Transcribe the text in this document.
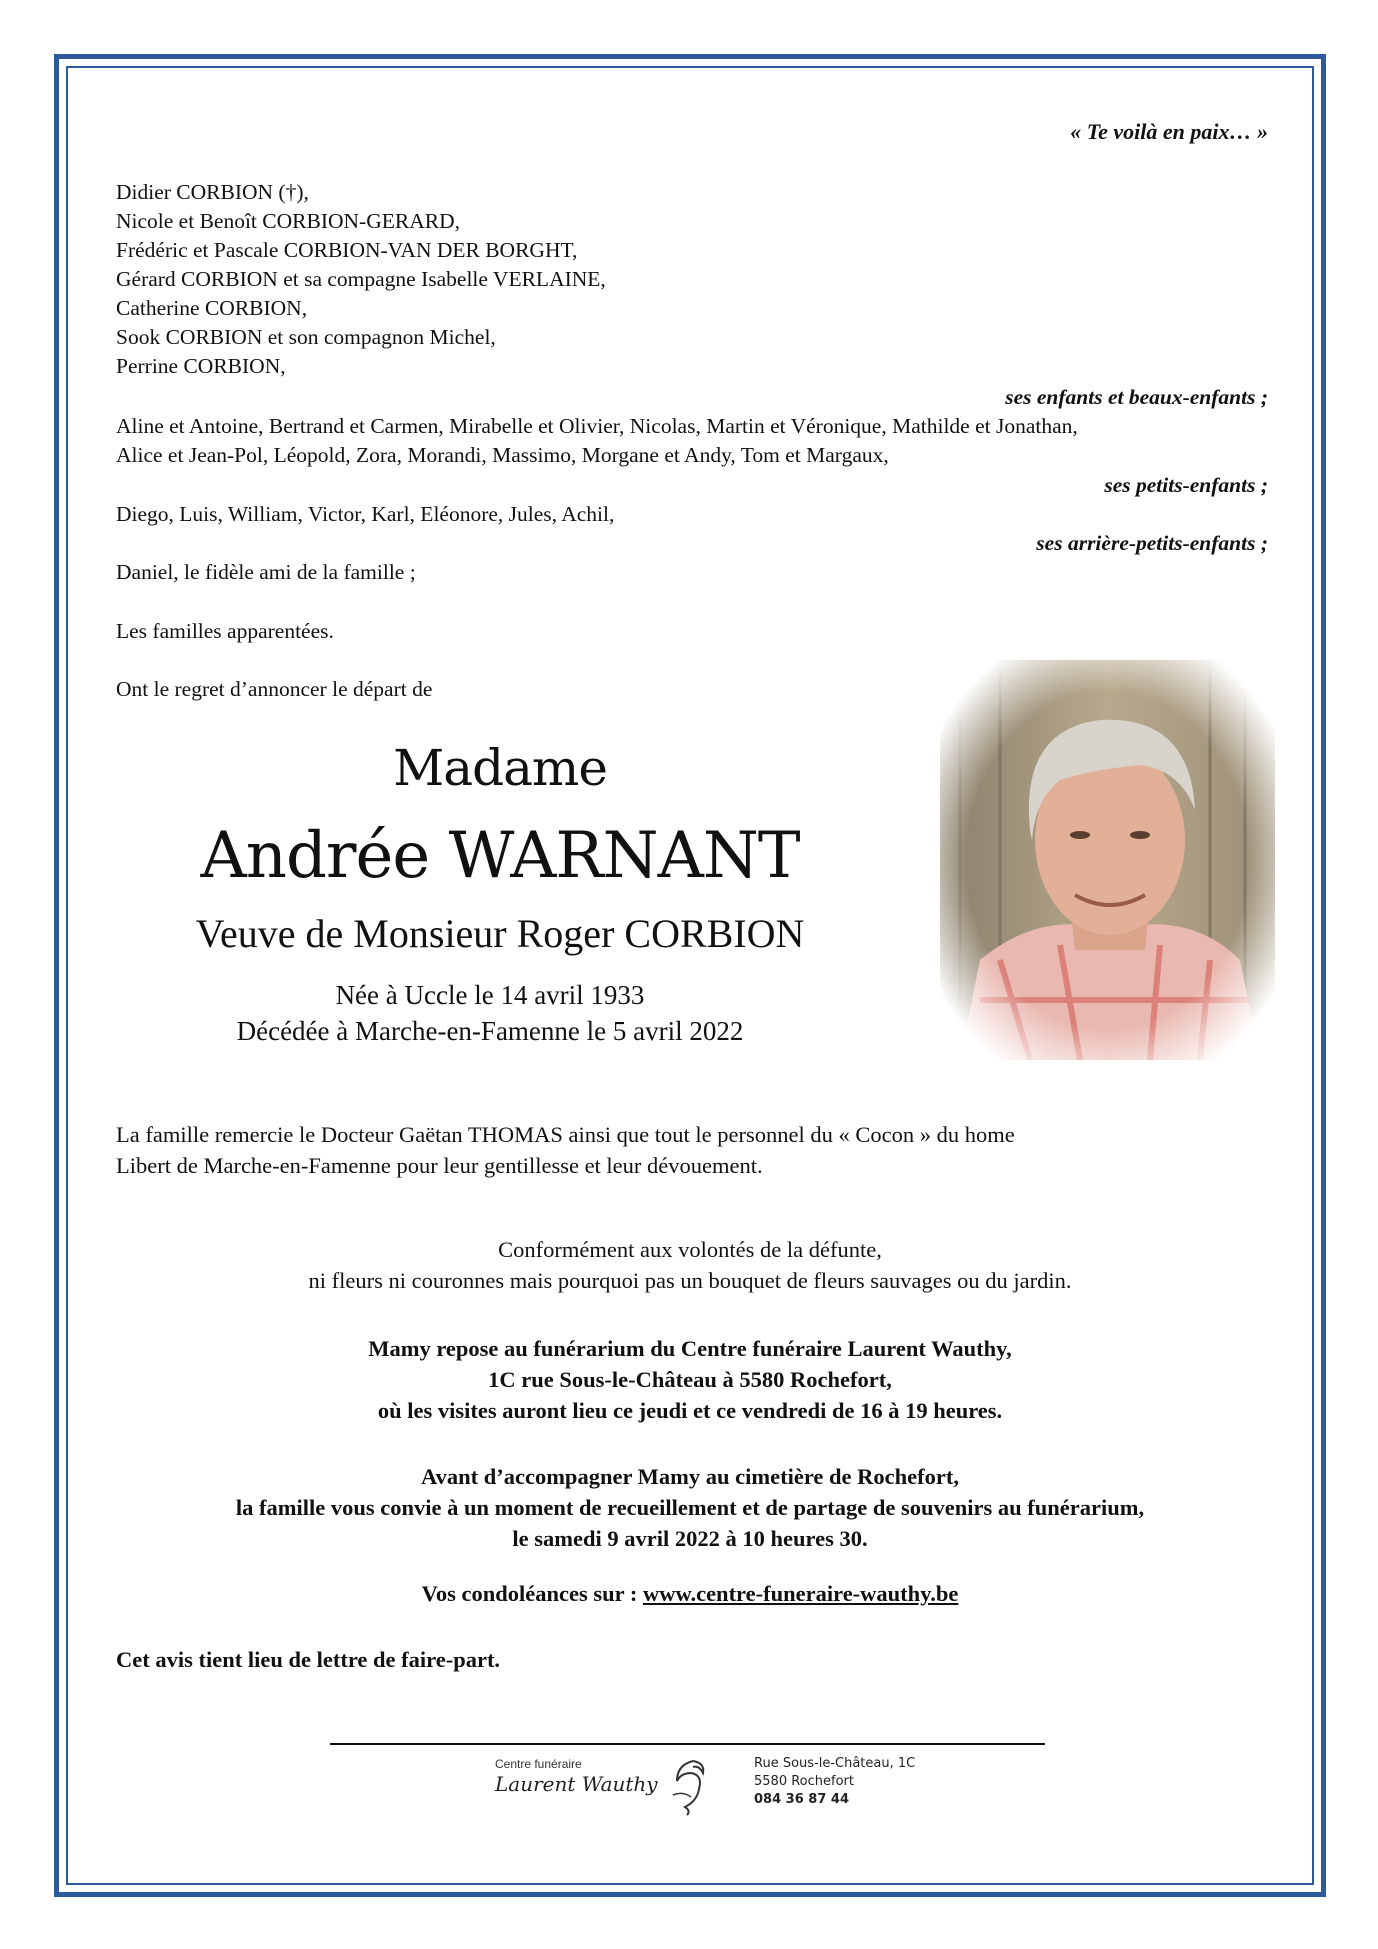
« Te voilà en paix… »
Didier CORBION (†),
Nicole et Benoît CORBION-GERARD,
Frédéric et Pascale CORBION-VAN DER BORGHT,
Gérard CORBION et sa compagne Isabelle VERLAINE,
Catherine CORBION,
Sook CORBION et son compagnon Michel,
Perrine CORBION,
ses enfants et beaux-enfants ;
Aline et Antoine, Bertrand et Carmen, Mirabelle et Olivier, Nicolas, Martin et Véronique, Mathilde et Jonathan,
Alice et Jean-Pol, Léopold, Zora, Morandi, Massimo, Morgane et Andy, Tom et Margaux,
ses petits-enfants ;
Diego, Luis, William, Victor, Karl, Eléonore, Jules, Achil,
ses arrière-petits-enfants ;
Daniel, le fidèle ami de la famille ;
Les familles apparentées.
Ont le regret d’annoncer le départ de
Madame
Andrée WARNANT
Veuve de Monsieur Roger CORBION
Née à Uccle le 14 avril 1933
Décédée à Marche-en-Famenne le 5 avril 2022
La famille remercie le Docteur Gaëtan THOMAS ainsi que tout le personnel du « Cocon » du home
Libert de Marche-en-Famenne pour leur gentillesse et leur dévouement.
Conformément aux volontés de la défunte,
ni fleurs ni couronnes mais pourquoi pas un bouquet de fleurs sauvages ou du jardin.
Mamy repose au funérarium du Centre funéraire Laurent Wauthy,
1C rue Sous-le-Château à 5580 Rochefort,
où les visites auront lieu ce jeudi et ce vendredi de 16 à 19 heures.
Avant d’accompagner Mamy au cimetière de Rochefort,
la famille vous convie à un moment de recueillement et de partage de souvenirs au funérarium,
le samedi 9 avril 2022 à 10 heures 30.
Vos condoléances sur : www.centre-funeraire-wauthy.be
Cet avis tient lieu de lettre de faire-part.
Centre funéraire
Laurent Wauthy
Rue Sous-le-Château, 1C
5580 Rochefort
084 36 87 44
